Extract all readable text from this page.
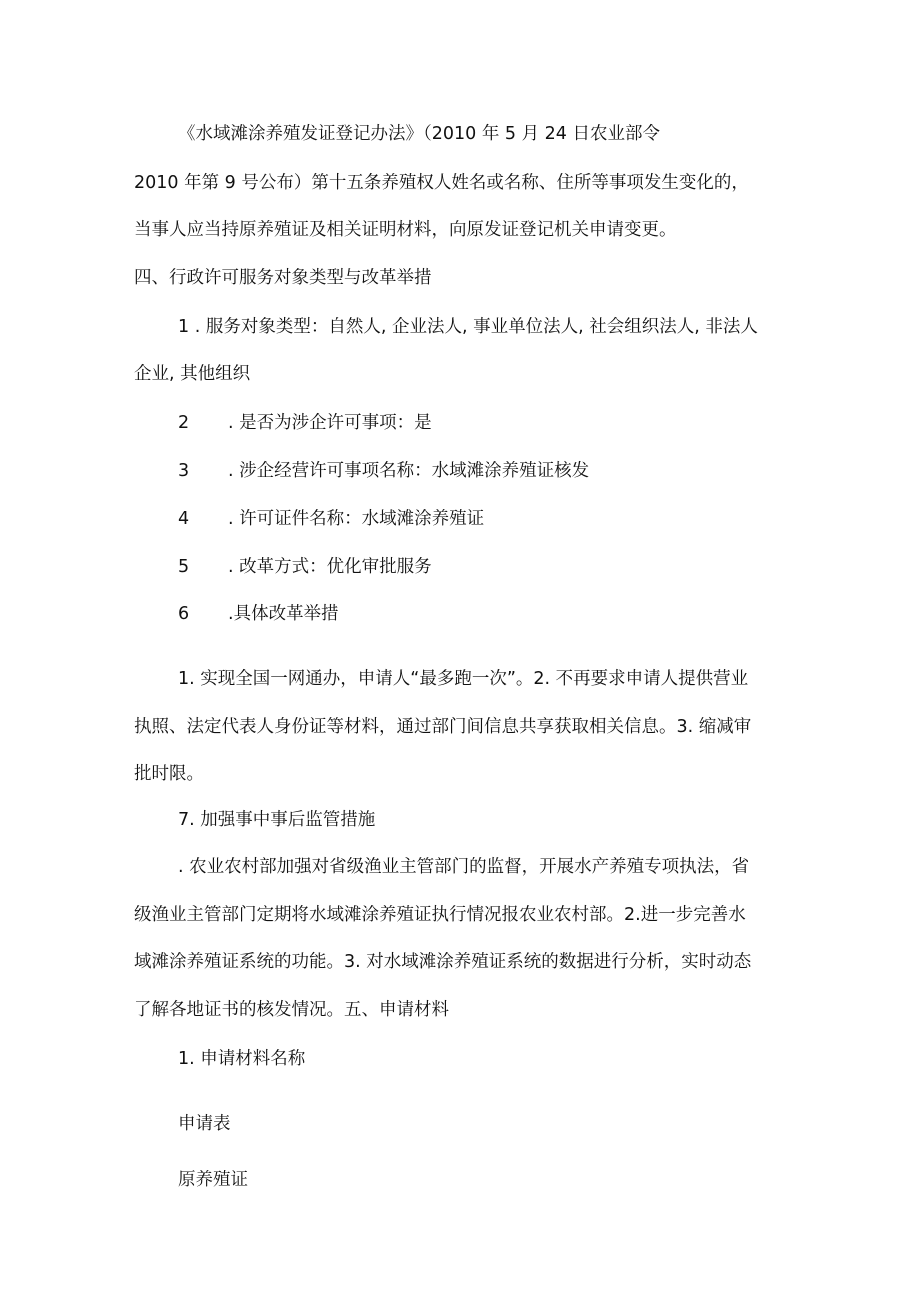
《水域滩涂养殖发证登记办法》（2010 年 5 月 24 日农业部令

2010 年第 9 号公布）第十五条养殖权人姓名或名称、住所等事项发生变化的，

当事人应当持原养殖证及相关证明材料，向原发证登记机关申请变更。

四、行政许可服务对象类型与改革举措

1 . 服务对象类型：自然人, 企业法人, 事业单位法人, 社会组织法人, 非法人

企业, 其他组织

2 . 是否为涉企许可事项：是

3 . 涉企经营许可事项名称：水域滩涂养殖证核发

4 . 许可证件名称：水域滩涂养殖证

5 . 改革方式：优化审批服务

6 .具体改革举措

1. 实现全国一网通办，申请人“最多跑一次”。2. 不再要求申请人提供营业

执照、法定代表人身份证等材料，通过部门间信息共享获取相关信息。3. 缩减审

批时限。

7. 加强事中事后监管措施

. 农业农村部加强对省级渔业主管部门的监督，开展水产养殖专项执法，省

级渔业主管部门定期将水域滩涂养殖证执行情况报农业农村部。2.进一步完善水

域滩涂养殖证系统的功能。3. 对水域滩涂养殖证系统的数据进行分析，实时动态

了解各地证书的核发情况。五、申请材料

1. 申请材料名称

申请表

原养殖证
